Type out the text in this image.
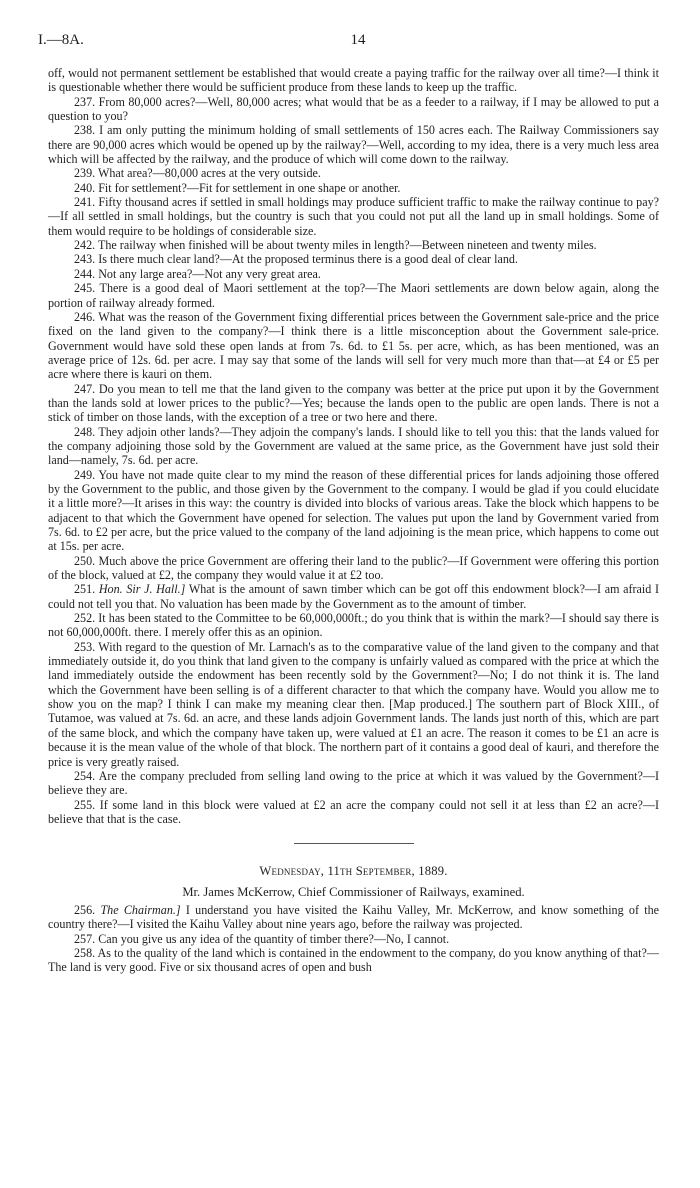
I.—8A.	14

off, would not permanent settlement be established that would create a paying traffic for the railway over all time?—I think it is questionable whether there would be sufficient produce from these lands to keep up the traffic.

237. From 80,000 acres?—Well, 80,000 acres; what would that be as a feeder to a railway, if I may be allowed to put a question to you?

238. I am only putting the minimum holding of small settlements of 150 acres each. The Railway Commissioners say there are 90,000 acres which would be opened up by the railway?—Well, according to my idea, there is a very much less area which will be affected by the railway, and the produce of which will come down to the railway.

239. What area?—80,000 acres at the very outside.

240. Fit for settlement?—Fit for settlement in one shape or another.

241. Fifty thousand acres if settled in small holdings may produce sufficient traffic to make the railway continue to pay?—If all settled in small holdings, but the country is such that you could not put all the land up in small holdings. Some of them would require to be holdings of considerable size.

242. The railway when finished will be about twenty miles in length?—Between nineteen and twenty miles.

243. Is there much clear land?—At the proposed terminus there is a good deal of clear land.

244. Not any large area?—Not any very great area.

245. There is a good deal of Maori settlement at the top?—The Maori settlements are down below again, along the portion of railway already formed.

246. What was the reason of the Government fixing differential prices between the Government sale-price and the price fixed on the land given to the company?—I think there is a little misconception about the Government sale-price. Government would have sold these open lands at from 7s. 6d. to £1 5s. per acre, which, as has been mentioned, was an average price of 12s. 6d. per acre. I may say that some of the lands will sell for very much more than that—at £4 or £5 per acre where there is kauri on them.

247. Do you mean to tell me that the land given to the company was better at the price put upon it by the Government than the lands sold at lower prices to the public?—Yes; because the lands open to the public are open lands. There is not a stick of timber on those lands, with the exception of a tree or two here and there.

248. They adjoin other lands?—They adjoin the company's lands. I should like to tell you this: that the lands valued for the company adjoining those sold by the Government are valued at the same price, as the Government have just sold their land—namely, 7s. 6d. per acre.

249. You have not made quite clear to my mind the reason of these differential prices for lands adjoining those offered by the Government to the public, and those given by the Government to the company. I would be glad if you could elucidate it a little more?—It arises in this way: the country is divided into blocks of various areas. Take the block which happens to be adjacent to that which the Government have opened for selection. The values put upon the land by Government varied from 7s. 6d. to £2 per acre, but the price valued to the company of the land adjoining is the mean price, which happens to come out at 15s. per acre.

250. Much above the price Government are offering their land to the public?—If Government were offering this portion of the block, valued at £2, the company they would value it at £2 too.

251. Hon. Sir J. Hall.] What is the amount of sawn timber which can be got off this endowment block?—I am afraid I could not tell you that. No valuation has been made by the Government as to the amount of timber.

252. It has been stated to the Committee to be 60,000,000ft.; do you think that is within the mark?—I should say there is not 60,000,000ft. there. I merely offer this as an opinion.

253. With regard to the question of Mr. Larnach's as to the comparative value of the land given to the company and that immediately outside it, do you think that land given to the company is unfairly valued as compared with the price at which the land immediately outside the endowment has been recently sold by the Government?—No; I do not think it is. The land which the Government have been selling is of a different character to that which the company have. Would you allow me to show you on the map? I think I can make my meaning clear then. [Map produced.] The southern part of Block XIII., of Tutamoe, was valued at 7s. 6d. an acre, and these lands adjoin Government lands. The lands just north of this, which are part of the same block, and which the company have taken up, were valued at £1 an acre. The reason it comes to be £1 an acre is because it is the mean value of the whole of that block. The northern part of it contains a good deal of kauri, and therefore the price is very greatly raised.

254. Are the company precluded from selling land owing to the price at which it was valued by the Government?—I believe they are.

255. If some land in this block were valued at £2 an acre the company could not sell it at less than £2 an acre?—I believe that that is the case.

Wednesday, 11th September, 1889.
Mr. James McKerrow, Chief Commissioner of Railways, examined.

256. The Chairman.] I understand you have visited the Kaihu Valley, Mr. McKerrow, and know something of the country there?—I visited the Kaihu Valley about nine years ago, before the railway was projected.

257. Can you give us any idea of the quantity of timber there?—No, I cannot.

258. As to the quality of the land which is contained in the endowment to the company, do you know anything of that?—The land is very good. Five or six thousand acres of open and bush
